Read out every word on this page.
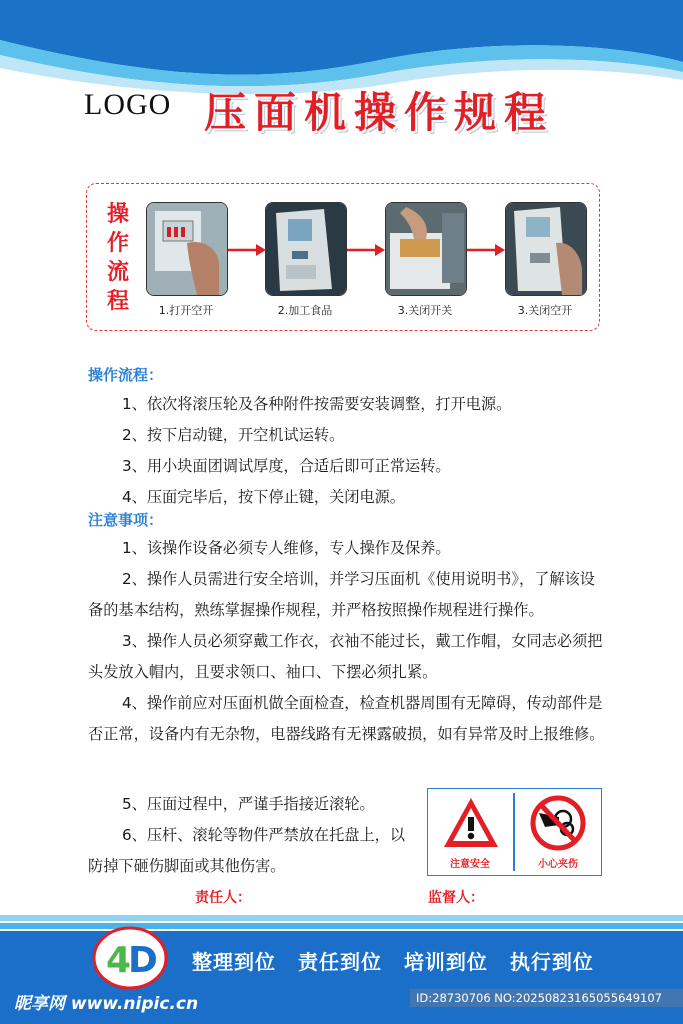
LOGO 压面机操作规程
操
作
流
程	1.打开空开	2.加工食品	3.关闭开关	3.关闭空开
操作流程：
1、依次将滚压轮及各种附件按需要安装调整，打开电源。
2、按下启动键，开空机试运转。
3、用小块面团调试厚度，合适后即可正常运转。
4、压面完毕后，按下停止键，关闭电源。
注意事项：
1、该操作设备必须专人维修，专人操作及保养。
2、操作人员需进行安全培训，并学习压面机《使用说明书》，了解该设备的基本结构，熟练掌握操作规程，并严格按照操作规程进行操作。
3、操作人员必须穿戴工作衣，衣袖不能过长，戴工作帽，女同志必须把头发放入帽内，且要求领口、袖口、下摆必须扎紧。
4、操作前应对压面机做全面检查，检查机器周围有无障碍，传动部件是否正常，设备内有无杂物，电器线路有无裸露破损，如有异常及时上报维修。
5、压面过程中，严谨手指接近滚轮。
6、压杆、滚轮等物件严禁放在托盘上，以防掉下砸伤脚面或其他伤害。	注意安全	小心夹伤
责任人：	监督人：
4
D 整理到位 责任到位 培训到位 执行到位
昵享网 www.nipic.cn	ID:28730706 NO:20250823165055649107
